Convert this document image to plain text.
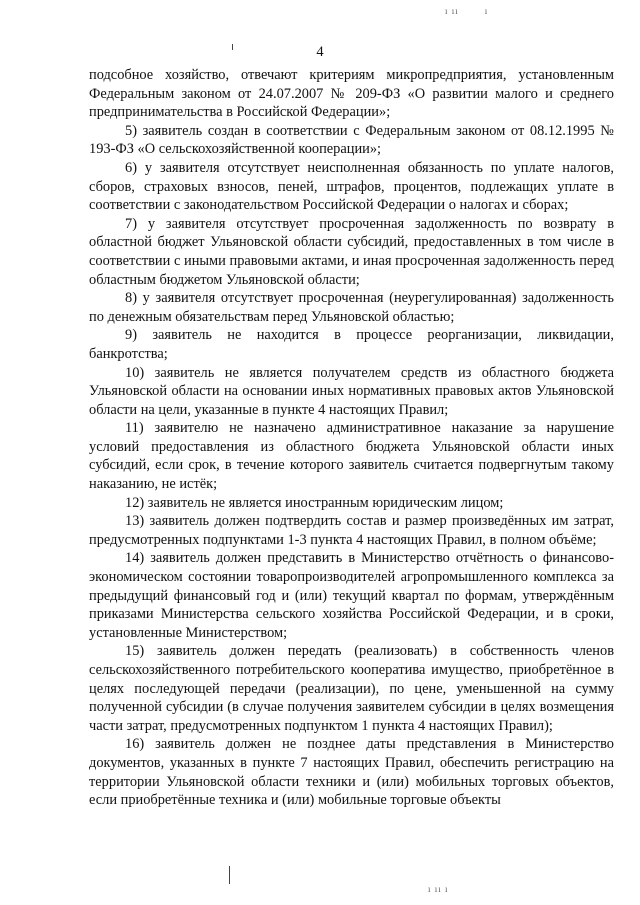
ı ıı        ı
4

подсобное хозяйство, отвечают критериям микропредприятия, установленным Федеральным законом от 24.07.2007 № 209-ФЗ «О развитии малого и среднего предпринимательства в Российской Федерации»;

5) заявитель создан в соответствии с Федеральным законом от 08.12.1995 № 193-ФЗ «О сельскохозяйственной кооперации»;

6) у заявителя отсутствует неисполненная обязанность по уплате налогов, сборов, страховых взносов, пеней, штрафов, процентов, подлежащих уплате в соответствии с законодательством Российской Федерации о налогах и сборах;

7) у заявителя отсутствует просроченная задолженность по возврату в областной бюджет Ульяновской области субсидий, предоставленных в том числе в соответствии с иными правовыми актами, и иная просроченная задолженность перед областным бюджетом Ульяновской области;

8) у заявителя отсутствует просроченная (неурегулированная) задолженность по денежным обязательствам перед Ульяновской областью;

9) заявитель не находится в процессе реорганизации, ликвидации, банкротства;

10) заявитель не является получателем средств из областного бюджета Ульяновской области на основании иных нормативных правовых актов Ульяновской области на цели, указанные в пункте 4 настоящих Правил;

11) заявителю не назначено административное наказание за нарушение условий предоставления из областного бюджета Ульяновской области иных субсидий, если срок, в течение которого заявитель считается подвергнутым такому наказанию, не истёк;

12) заявитель не является иностранным юридическим лицом;

13) заявитель должен подтвердить состав и размер произведённых им затрат, предусмотренных подпунктами 1-3 пункта 4 настоящих Правил, в полном объёме;

14) заявитель должен представить в Министерство отчётность о финансово-экономическом состоянии товаропроизводителей агропромышленного комплекса за предыдущий финансовый год и (или) текущий квартал по формам, утверждённым приказами Министерства сельского хозяйства Российской Федерации, и в сроки, установленные Министерством;

15) заявитель должен передать (реализовать) в собственность членов сельскохозяйственного потребительского кооператива имущество, приобретённое в целях последующей передачи (реализации), по цене, уменьшенной на сумму полученной субсидии (в случае получения заявителем субсидии в целях возмещения части затрат, предусмотренных подпунктом 1 пункта 4 настоящих Правил);

16) заявитель должен не позднее даты представления в Министерство документов, указанных в пункте 7 настоящих Правил, обеспечить регистрацию на территории Ульяновской области техники и (или) мобильных торговых объектов, если приобретённые техника и (или) мобильные торговые объекты

ı ıı ı
